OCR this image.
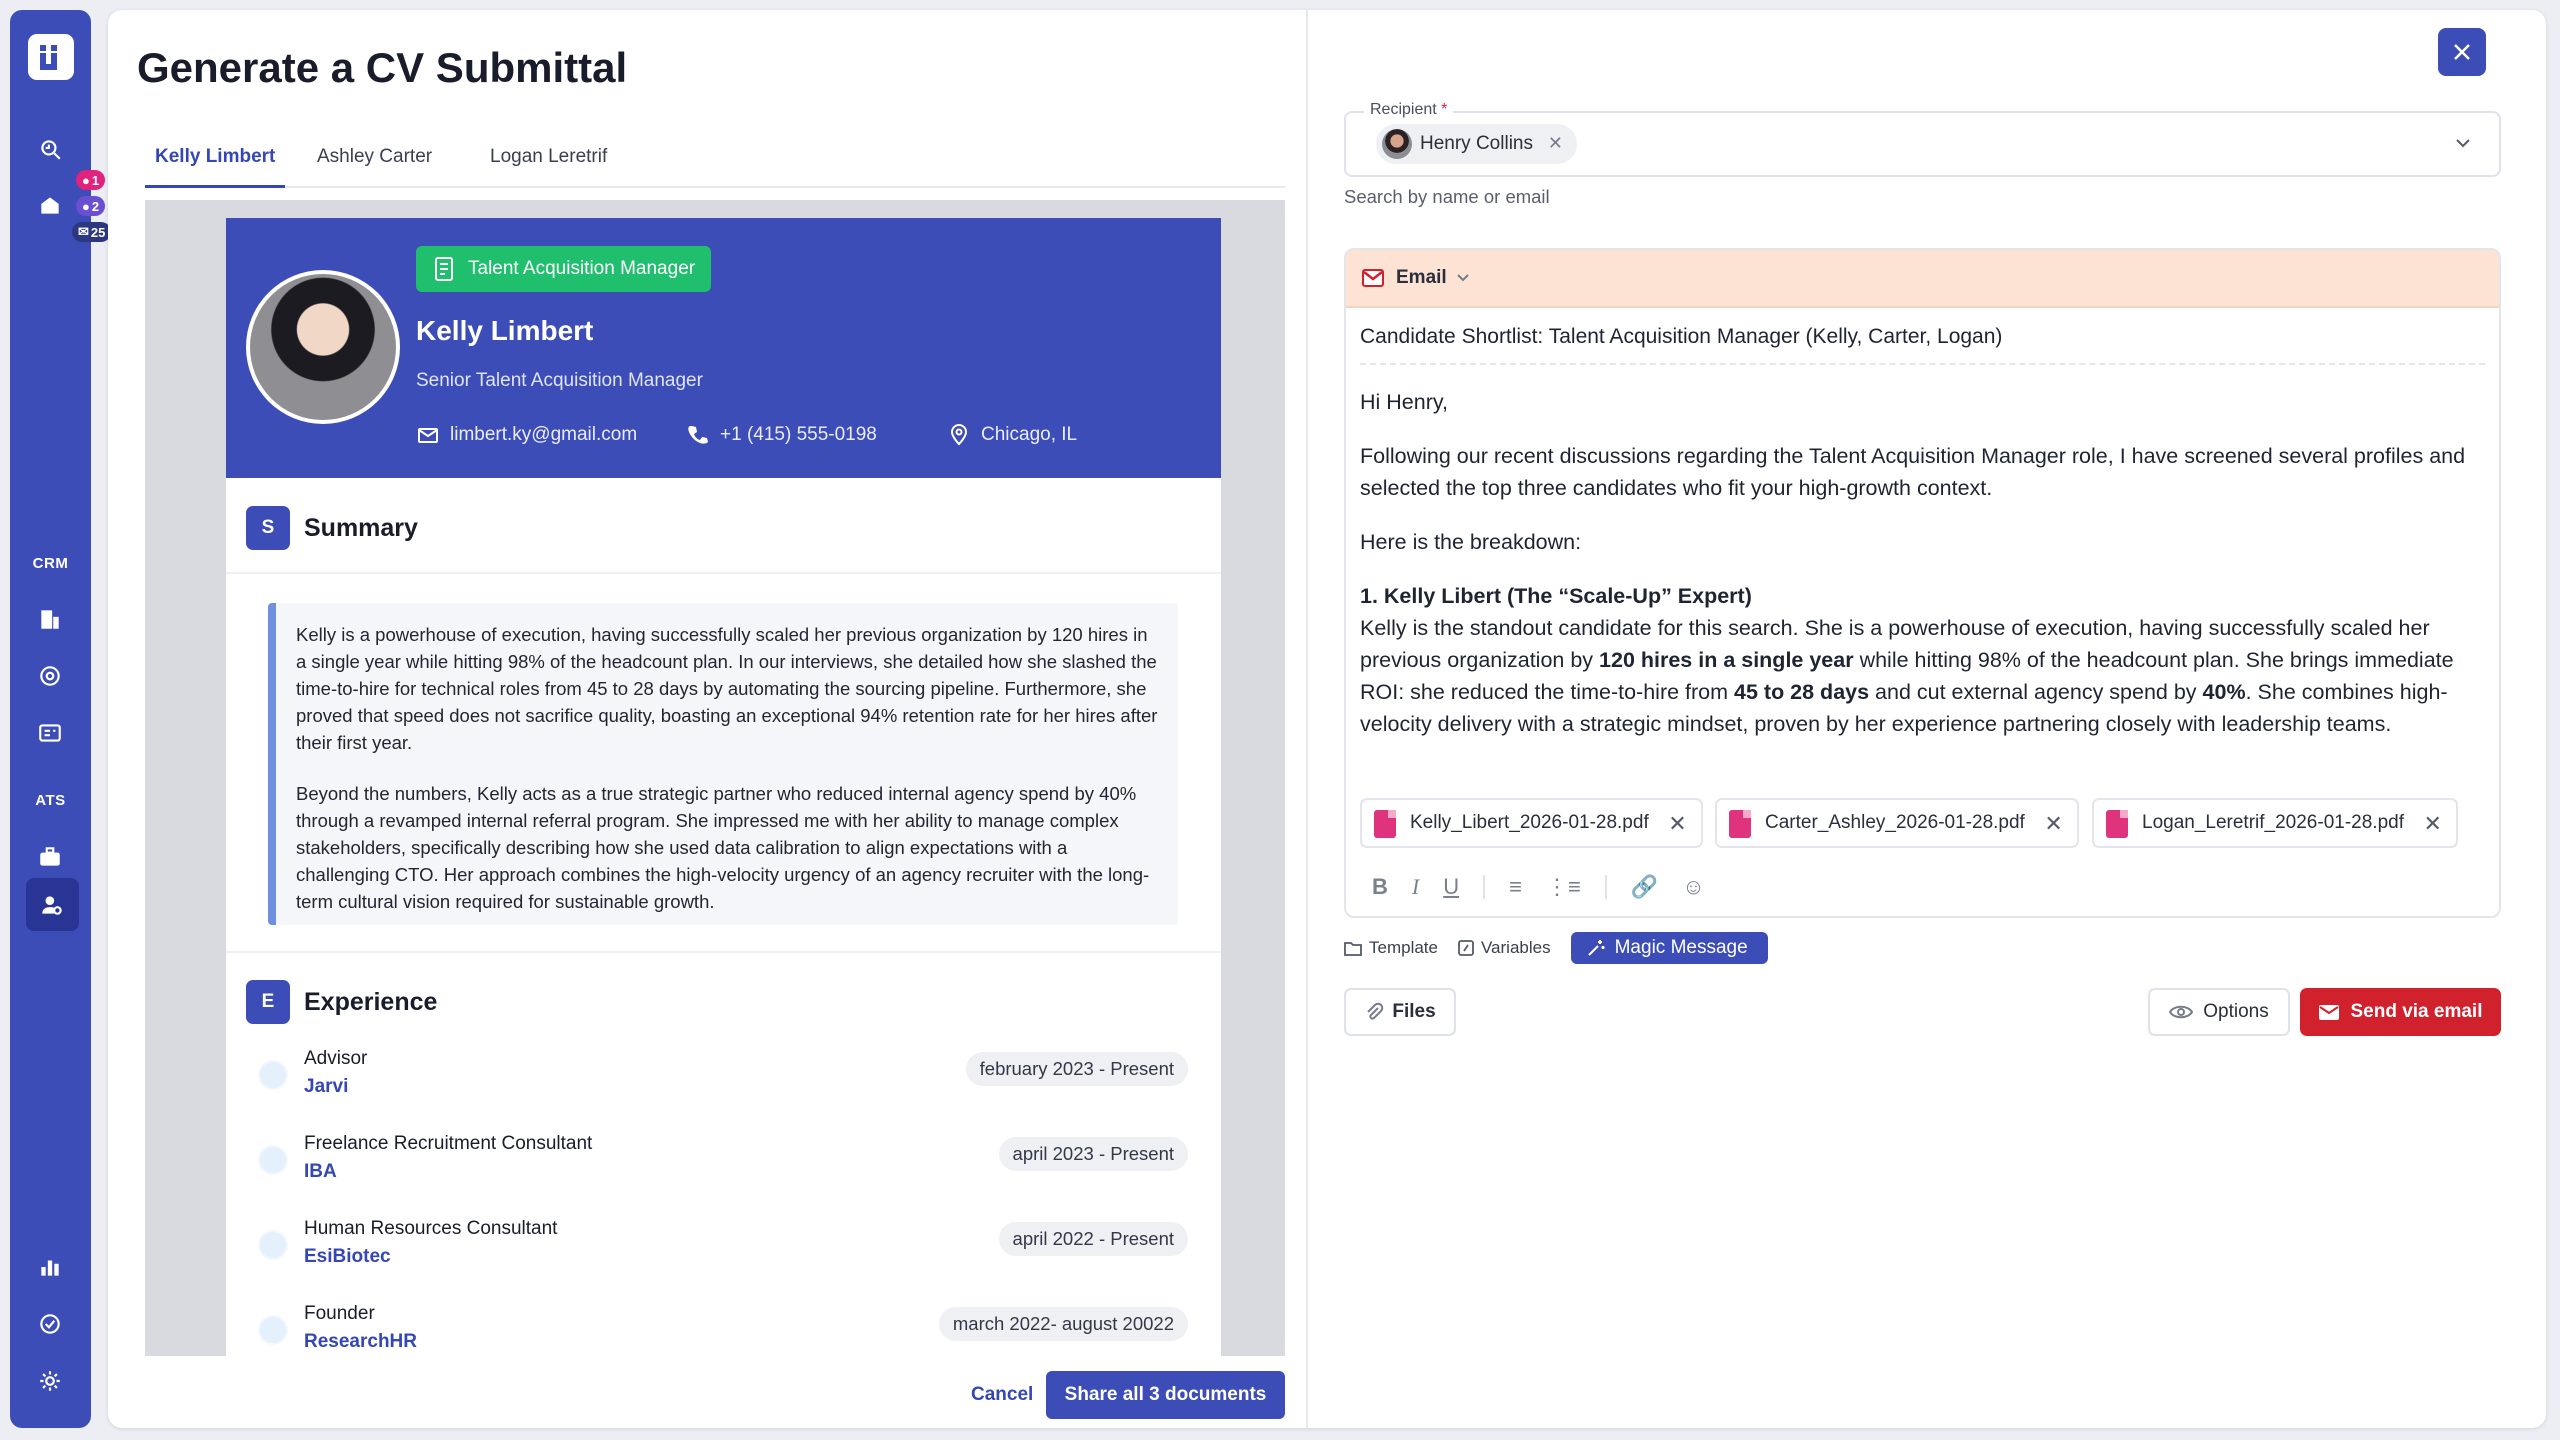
● 1
● 2
✉ 25
CRM
ATS
Generate a CV Submittal
Kelly Limbert	Ashley Carter	Logan Leretrif
Talent Acquisition Manager
Kelly Limbert
Senior Talent Acquisition Manager
limbert.ky@gmail.com	+1 (415) 555-0198	Chicago, IL
S	Summary

Kelly is a powerhouse of execution, having successfully scaled her previous organization by 120 hires in a single year while hitting 98% of the headcount plan. In our interviews, she detailed how she slashed the time-to-hire for technical roles from 45 to 28 days by automating the sourcing pipeline. Furthermore, she proved that speed does not sacrifice quality, boasting an exceptional 94% retention rate for her hires after their first year.

Beyond the numbers, Kelly acts as a true strategic partner who reduced internal agency spend by 40% through a revamped internal referral program. She impressed me with her ability to manage complex stakeholders, specifically describing how she used data calibration to align expectations with a challenging CTO. Her approach combines the high-velocity urgency of an agency recruiter with the long-term cultural vision required for sustainable growth.

E	Experience
Advisor
Jarvi
february 2023 - Present
Freelance Recruitment Consultant
IBA
april 2023 - Present
Human Resources Consultant
EsiBiotec
april 2022 - Present
Founder
ResearchHR
march 2022- august 20022
Cancel	Share all 3 documents
Recipient *
Henry Collins ✕
Search by name or email
Email
Candidate Shortlist: Talent Acquisition Manager (Kelly, Carter, Logan)
Hi Henry,
Following our recent discussions regarding the Talent Acquisition Manager role, I have screened several profiles and selected the top three candidates who fit your high-growth context.
Here is the breakdown:
1. Kelly Libert (The “Scale-Up” Expert)
Kelly is the standout candidate for this search. She is a powerhouse of execution, having successfully scaled her previous organization by 120 hires in a single year while hitting 98% of the headcount plan. She brings immediate ROI: she reduced the time-to-hire from 45 to 28 days and cut external agency spend by 40%. She combines high-velocity delivery with a strategic mindset, proven by her experience partnering closely with leadership teams.
Kelly_Libert_2026-01-28.pdf ✕	Carter_Ashley_2026-01-28.pdf ✕	Logan_Leretrif_2026-01-28.pdf ✕
B I U ≡ ⋮≡ 🔗 ☺
Template	Variables	Magic Message
Files	Options	Send via email
